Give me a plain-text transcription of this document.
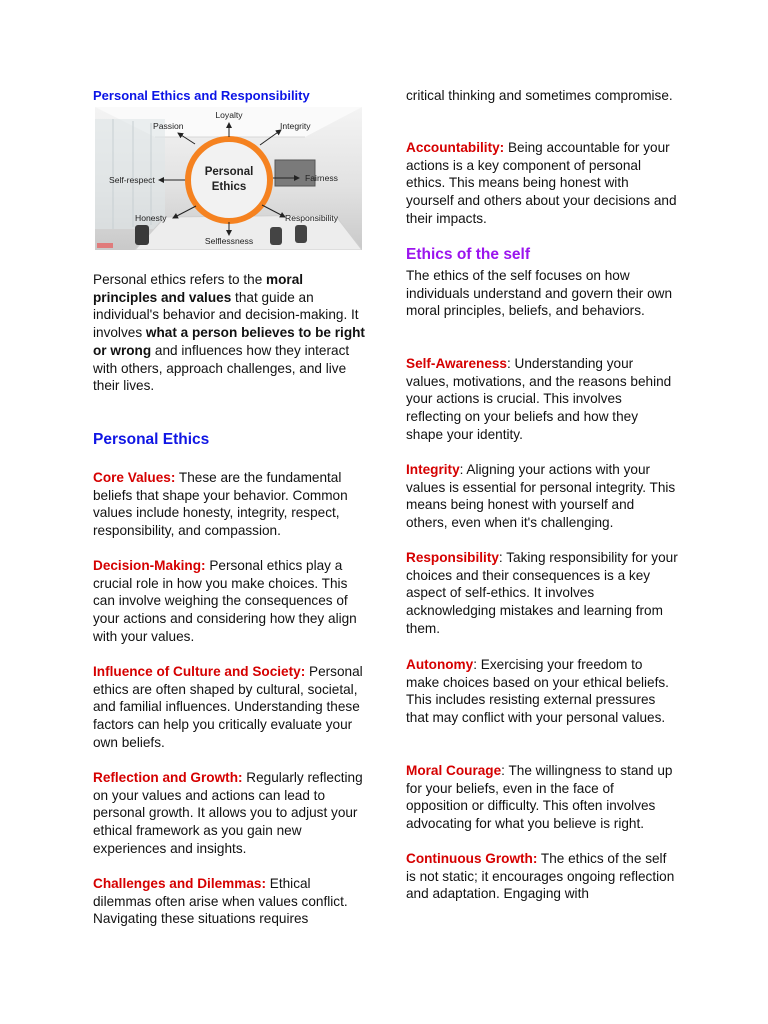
Personal Ethics and Responsibility

Personal ethics refers to the moral principles and values that guide an individual's behavior and decision-making. It involves what a person believes to be right or wrong and influences how they interact with others, approach challenges, and live their lives.

Personal Ethics

Core Values: These are the fundamental beliefs that shape your behavior. Common values include honesty, integrity, respect, responsibility, and compassion.

Decision-Making: Personal ethics play a crucial role in how you make choices. This can involve weighing the consequences of your actions and considering how they align with your values.

Influence of Culture and Society: Personal ethics are often shaped by cultural, societal, and familial influences. Understanding these factors can help you critically evaluate your own beliefs.

Reflection and Growth: Regularly reflecting on your values and actions can lead to personal growth. It allows you to adjust your ethical framework as you gain new experiences and insights.

Challenges and Dilemmas: Ethical dilemmas often arise when values conflict. Navigating these situations requires

Personal
Ethics
Loyalty
Passion	Integrity
Self-respect	Fairness
Honesty	Responsibility
Selflessness

critical thinking and sometimes compromise.

Accountability: Being accountable for your actions is a key component of personal ethics. This means being honest with yourself and others about your decisions and their impacts.

Ethics of the self

The ethics of the self focuses on how individuals understand and govern their own moral principles, beliefs, and behaviors.

Self-Awareness: Understanding your values, motivations, and the reasons behind your actions is crucial. This involves reflecting on your beliefs and how they shape your identity.

Integrity: Aligning your actions with your values is essential for personal integrity. This means being honest with yourself and others, even when it's challenging.

Responsibility: Taking responsibility for your choices and their consequences is a key aspect of self-ethics. It involves acknowledging mistakes and learning from them.

Autonomy: Exercising your freedom to make choices based on your ethical beliefs. This includes resisting external pressures that may conflict with your personal values.

Moral Courage: The willingness to stand up for your beliefs, even in the face of opposition or difficulty. This often involves advocating for what you believe is right.

Continuous Growth: The ethics of the self is not static; it encourages ongoing reflection and adaptation. Engaging with
